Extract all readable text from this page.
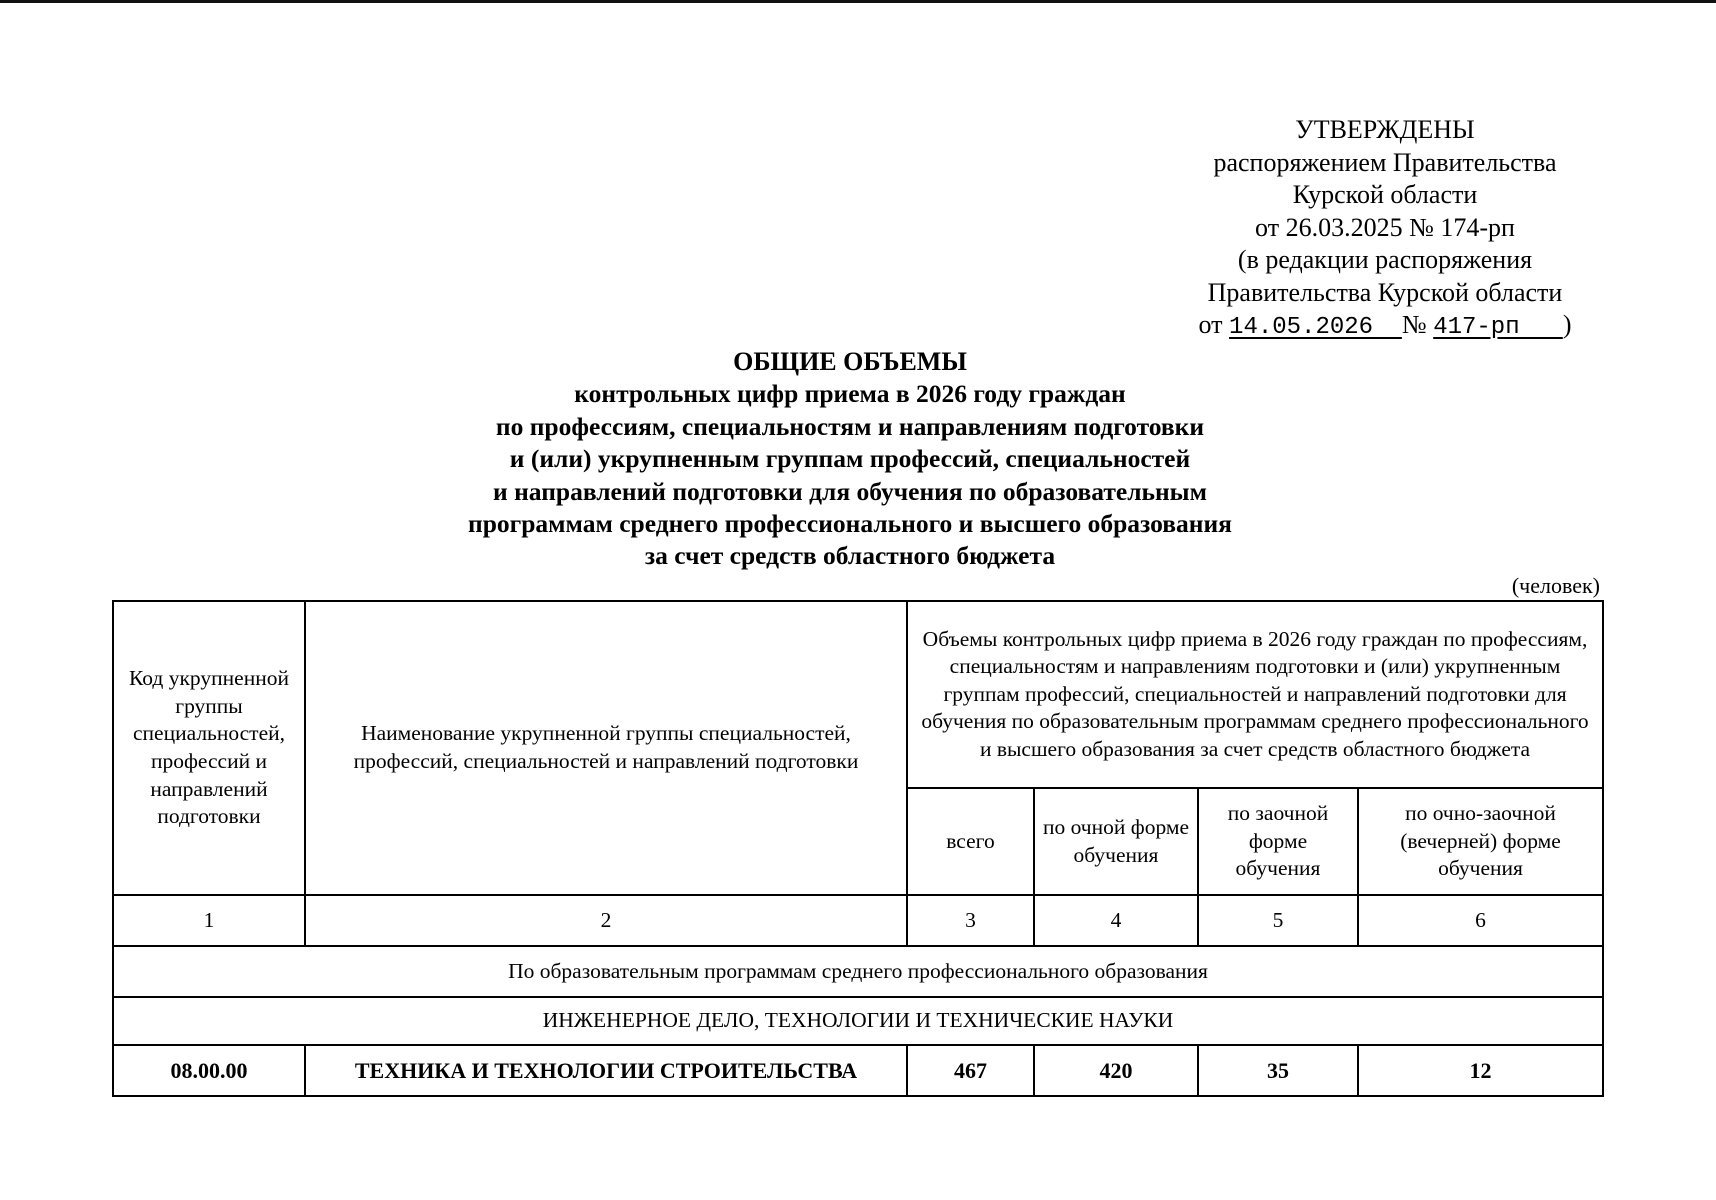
УТВЕРЖДЕНЫ
распоряжением Правительства
Курской области
от 26.03.2025 № 174-рп
(в редакции распоряжения
Правительства Курской области
от 14.05.2026  № 417-рп   )
ОБЩИЕ ОБЪЕМЫ
контрольных цифр приема в 2026 году граждан
по профессиям, специальностям и направлениям подготовки
и (или) укрупненным группам профессий, специальностей
и направлений подготовки для обучения по образовательным
программам среднего профессионального и высшего образования
за счет средств областного бюджета
(человек)
Код укрупненной группы специальностей, профессий и направлений подготовки	Наименование укрупненной группы специальностей, профессий, специальностей и направлений подготовки	Объемы контрольных цифр приема в 2026 году граждан по профессиям, специальностям и направлениям подготовки и (или) укрупненным группам профессий, специальностей и направлений подготовки для обучения по образовательным программам среднего профессионального и высшего образования за счет средств областного бюджета			
		всего	по очной форме обучения	по заочной форме обучения	по очно-заочной (вечерней) форме обучения
1	2	3	4	5	6
По образовательным программам среднего профессионального образования					
ИНЖЕНЕРНОЕ ДЕЛО, ТЕХНОЛОГИИ И ТЕХНИЧЕСКИЕ НАУКИ					
08.00.00	ТЕХНИКА И ТЕХНОЛОГИИ СТРОИТЕЛЬСТВА	467	420	35	12
